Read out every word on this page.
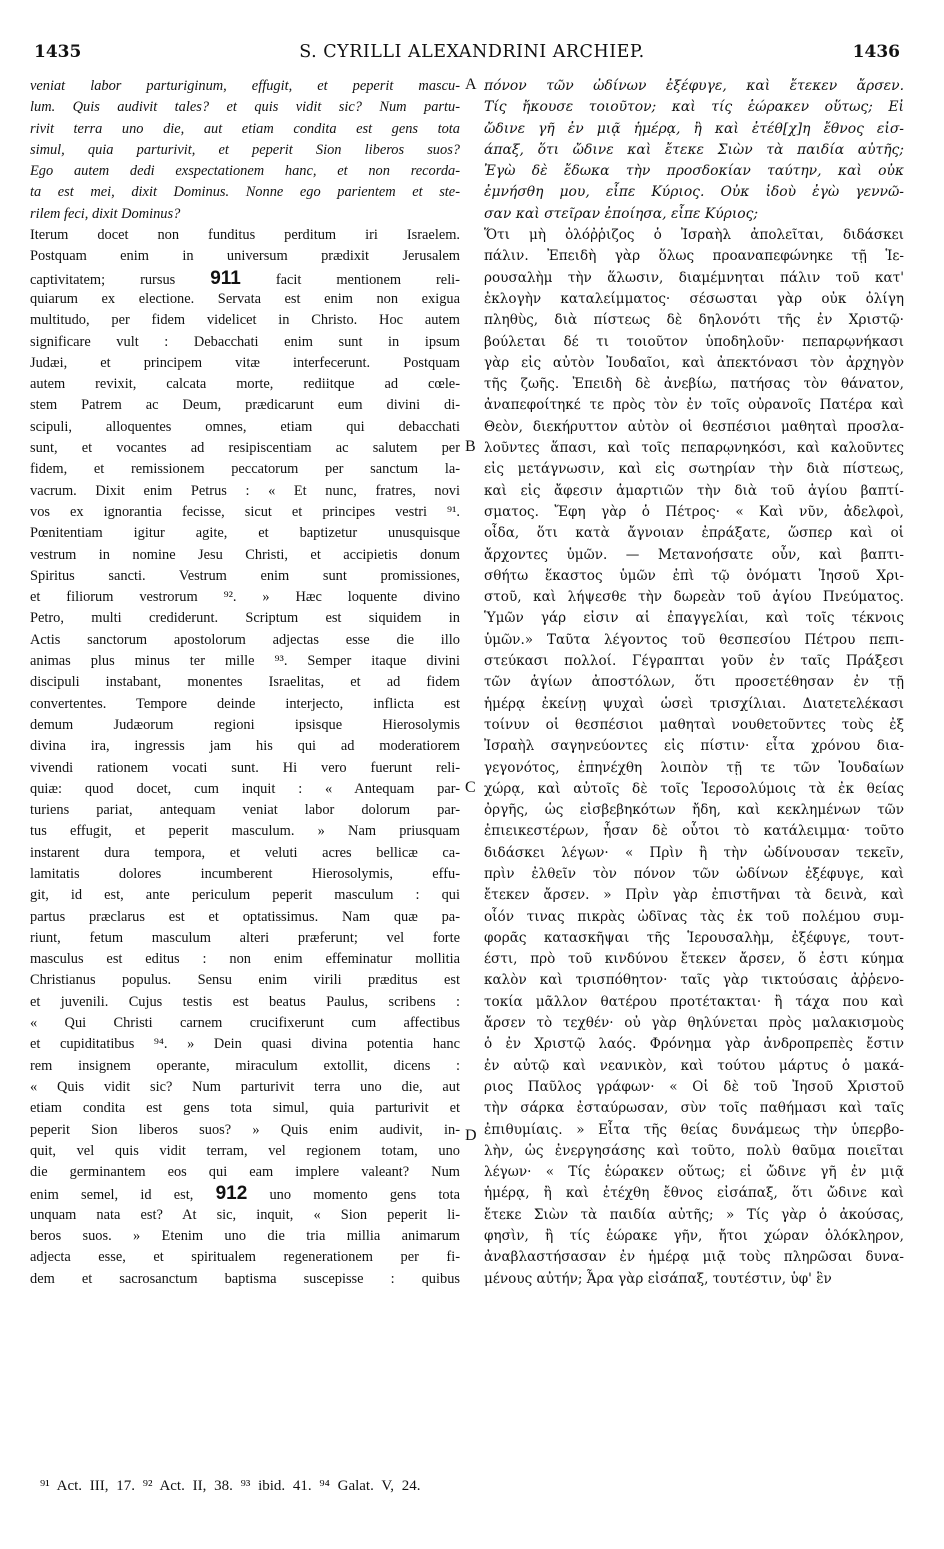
1435	S. CYRILLI ALEXANDRINI ARCHIEP.	1436
veniat labor parturiginum, effugit, et peperit mascu-
lum. Quis audivit tales? et quis vidit sic? Num partu-
rivit terra uno die, aut etiam condita est gens tota
simul, quia parturivit, et peperit Sion liberos suos?
Ego autem dedi exspectationem hanc, et non recorda-
ta est mei, dixit Dominus. Nonne ego parientem et ste-
rilem feci, dixit Dominus?
Iterum docet non funditus perditum iri Israelem.
Postquam enim in universum prædixit Jerusalem
captivitatem; rursus 911 facit mentionem reli-
quiarum ex electione. Servata est enim non exigua
multitudo, per fidem videlicet in Christo. Hoc autem
significare vult : Debacchati enim sunt in ipsum
Judæi, et principem vitæ interfecerunt. Postquam
autem revixit, calcata morte, rediitque ad cœle-
stem Patrem ac Deum, prædicarunt eum divini di-
scipuli, alloquentes omnes, etiam qui debacchati
sunt, et vocantes ad resipiscentiam ac salutem per
fidem, et remissionem peccatorum per sanctum la-
vacrum. Dixit enim Petrus : « Et nunc, fratres, novi
vos ex ignorantia fecisse, sicut et principes vestri ⁹¹.
Pœnitentiam igitur agite, et baptizetur unusquisque
vestrum in nomine Jesu Christi, et accipietis donum
Spiritus sancti. Vestrum enim sunt promissiones,
et filiorum vestrorum ⁹². » Hæc loquente divino
Petro, multi crediderunt. Scriptum est siquidem in
Actis sanctorum apostolorum adjectas esse die illo
animas plus minus ter mille ⁹³. Semper itaque divini
discipuli instabant, monentes Israelitas, et ad fidem
convertentes. Tempore deinde interjecto, inflicta est
demum Judæorum regioni ipsisque Hierosolymis
divina ira, ingressis jam his qui ad moderatiorem
vivendi rationem vocati sunt. Hi vero fuerunt reli-
quiæ: quod docet, cum inquit : « Antequam par-
turiens pariat, antequam veniat labor dolorum par-
tus effugit, et peperit masculum. » Nam priusquam
instarent dura tempora, et veluti acres bellicæ ca-
lamitatis dolores incumberent Hierosolymis, effu-
git, id est, ante periculum peperit masculum : qui
partus præclarus est et optatissimus. Nam quæ pa-
riunt, fetum masculum alteri præferunt; vel forte
masculus est editus : non enim effeminatur mollitia
Christianus populus. Sensu enim virili præditus est
et juvenili. Cujus testis est beatus Paulus, scribens :
« Qui Christi carnem crucifixerunt cum affectibus
et cupiditatibus ⁹⁴. » Dein quasi divina potentia hanc
rem insignem operante, miraculum extollit, dicens :
« Quis vidit sic? Num parturivit terra uno die, aut
etiam condita est gens tota simul, quia parturivit et
peperit Sion liberos suos? » Quis enim audivit, in-
quit, vel quis vidit terram, vel regionem totam, uno
die germinantem eos qui eam implere valeant? Num
enim semel, id est, 912 uno momento gens tota
unquam nata est? At sic, inquit, « Sion peperit li-
beros suos. » Etenim uno die tria millia animarum
adjecta esse, et spiritualem regenerationem per fi-
dem et sacrosanctum baptisma suscepisse : quibus
A
B
C
D
πόνον τῶν ὠδίνων ἐξέφυγε, καὶ ἔτεκεν ἄρσεν.
Τίς ἤκουσε τοιοῦτον; καὶ τίς ἑώρακεν οὕτως; Εἰ
ὤδινε γῆ ἐν μιᾷ ἡμέρᾳ, ἢ καὶ ἐτέθ[χ]η ἔθνος εἰσ-
άπαξ, ὅτι ὤδινε καὶ ἔτεκε Σιὼν τὰ παιδία αὐτῆς;
Ἐγὼ δὲ ἔδωκα τὴν προσδοκίαν ταύτην, καὶ οὐκ
ἐμνήσθη μου, εἶπε Κύριος. Οὐκ ἰδοὺ ἐγὼ γεννῶ-
σαν καὶ στεῖραν ἐποίησα, εἶπε Κύριος;
Ὅτι μὴ ὀλόῤῥιζος ὁ Ἰσραὴλ ἀπολεῖται, διδάσκει
πάλιν. Ἐπειδὴ γὰρ ὅλως προαναπεφώνηκε τῇ Ἱε-
ρουσαλὴμ τὴν ἅλωσιν, διαμέμνηται πάλιν τοῦ κατ'
ἐκλογὴν καταλείμματος· σέσωσται γὰρ οὐκ ὀλίγη
πληθὺς, διὰ πίστεως δὲ δηλονότι τῆς ἐν Χριστῷ·
βούλεται δέ τι τοιοῦτον ὑποδηλοῦν· πεπαρῳνήκασι
γὰρ εἰς αὐτὸν Ἰουδαῖοι, καὶ ἀπεκτόνασι τὸν ἀρχηγὸν
τῆς ζωῆς. Ἐπειδὴ δὲ ἀνεβίω, πατήσας τὸν θάνατον,
ἀναπεφοίτηκέ τε πρὸς τὸν ἐν τοῖς οὐρανοῖς Πατέρα καὶ
Θεὸν, διεκήρυττον αὐτὸν οἱ θεσπέσιοι μαθηταὶ προσλα-
λοῦντες ἅπασι, καὶ τοῖς πεπαρῳνηκόσι, καὶ καλοῦντες
εἰς μετάγνωσιν, καὶ εἰς σωτηρίαν τὴν διὰ πίστεως,
καὶ εἰς ἄφεσιν ἁμαρτιῶν τὴν διὰ τοῦ ἁγίου βαπτί-
σματος. Ἔφη γὰρ ὁ Πέτρος· « Καὶ νῦν, ἀδελφοὶ,
οἶδα, ὅτι κατὰ ἄγνοιαν ἐπράξατε, ὥσπερ καὶ οἱ
ἄρχοντες ὑμῶν. — Μετανοήσατε οὖν, καὶ βαπτι-
σθήτω ἕκαστος ὑμῶν ἐπὶ τῷ ὀνόματι Ἰησοῦ Χρι-
στοῦ, καὶ λήψεσθε τὴν δωρεὰν τοῦ ἁγίου Πνεύματος.
Ὑμῶν γάρ εἰσιν αἱ ἐπαγγελίαι, καὶ τοῖς τέκνοις
ὑμῶν.» Ταῦτα λέγοντος τοῦ θεσπεσίου Πέτρου πεπι-
στεύκασι πολλοί. Γέγραπται γοῦν ἐν ταῖς Πράξεσι
τῶν ἁγίων ἀποστόλων, ὅτι προσετέθησαν ἐν τῇ
ἡμέρᾳ ἐκείνῃ ψυχαὶ ὡσεὶ τρισχίλιαι. Διατετελέκασι
τοίνυν οἱ θεσπέσιοι μαθηταὶ νουθετοῦντες τοὺς ἐξ
Ἰσραὴλ σαγηνεύοντες εἰς πίστιν· εἶτα χρόνου δια-
γεγονότος, ἐπηνέχθη λοιπὸν τῇ τε τῶν Ἰουδαίων
χώρᾳ, καὶ αὐτοῖς δὲ τοῖς Ἱεροσολύμοις τὰ ἐκ θείας
ὀργῆς, ὡς εἰσβεβηκότων ἤδη, καὶ κεκλημένων τῶν
ἐπιεικεστέρων, ἦσαν δὲ οὗτοι τὸ κατάλειμμα· τοῦτο
διδάσκει λέγων· « Πρὶν ἢ τὴν ὠδίνουσαν τεκεῖν,
πρὶν ἐλθεῖν τὸν πόνον τῶν ὠδίνων ἐξέφυγε, καὶ
ἔτεκεν ἄρσεν. » Πρὶν γὰρ ἐπιστῆναι τὰ δεινὰ, καὶ
οἷόν τινας πικρὰς ὠδῖνας τὰς ἐκ τοῦ πολέμου συμ-
φορᾶς κατασκῆψαι τῆς Ἱερουσαλὴμ, ἐξέφυγε, τουτ-
έστι, πρὸ τοῦ κινδύνου ἔτεκεν ἄρσεν, ὅ ἐστι κύημα
καλὸν καὶ τρισπόθητον· ταῖς γὰρ τικτούσαις ἀῤῥενο-
τοκία μᾶλλον θατέρου προτέτακται· ἢ τάχα που καὶ
ἄρσεν τὸ τεχθέν· οὐ γὰρ θηλύνεται πρὸς μαλακισμοὺς
ὁ ἐν Χριστῷ λαός. Φρόνημα γὰρ ἀνδροπρεπὲς ἔστιν
ἐν αὐτῷ καὶ νεανικὸν, καὶ τούτου μάρτυς ὁ μακά-
ριος Παῦλος γράφων· « Οἱ δὲ τοῦ Ἰησοῦ Χριστοῦ
τὴν σάρκα ἐσταύρωσαν, σὺν τοῖς παθήμασι καὶ ταῖς
ἐπιθυμίαις. » Εἶτα τῆς θείας δυνάμεως τὴν ὑπερβο-
λὴν, ὡς ἐνεργησάσης καὶ τοῦτο, πολὺ θαῦμα ποιεῖται
λέγων· « Τίς ἑώρακεν οὕτως; εἰ ὤδινε γῆ ἐν μιᾷ
ἡμέρᾳ, ἢ καὶ ἐτέχθη ἔθνος εἰσάπαξ, ὅτι ὤδινε καὶ
ἔτεκε Σιὼν τὰ παιδία αὐτῆς; » Τίς γὰρ ὁ ἀκούσας,
φησὶν, ἢ τίς ἑώρακε γῆν, ἤτοι χώραν ὁλόκληρον,
ἀναβλαστήσασαν ἐν ἡμέρᾳ μιᾷ τοὺς πληρῶσαι δυνα-
μένους αὐτήν; Ἆρα γὰρ εἰσάπαξ, τουτέστιν, ὑφ' ἓν
⁹¹ Act. III, 17. ⁹² Act. II, 38. ⁹³ ibid. 41. ⁹⁴ Galat. V, 24.
